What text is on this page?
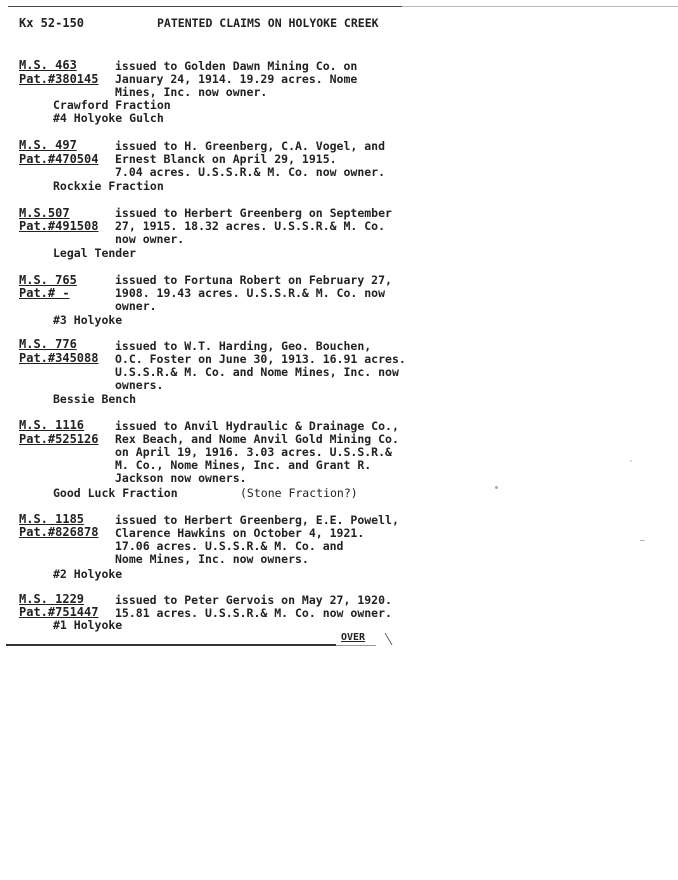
Kx 52-150	PATENTED CLAIMS ON HOLYOKE CREEK
M.S. 463
Pat.#380145
issued to Golden Dawn Mining Co. on
January 24, 1914. 19.29 acres. Nome
Mines, Inc. now owner.
Crawford Fraction
#4 Holyoke Gulch
M.S. 497
Pat.#470504
issued to H. Greenberg, C.A. Vogel, and
Ernest Blanck on April 29, 1915.
7.04 acres. U.S.S.R.& M. Co. now owner.
Rockxie Fraction
M.S.507
Pat.#491508
issued to Herbert Greenberg on September
27, 1915. 18.32 acres. U.S.S.R.& M. Co.
now owner.
Legal Tender
M.S. 765
Pat.# -
issued to Fortuna Robert on February 27,
1908. 19.43 acres. U.S.S.R.& M. Co. now
owner.
#3 Holyoke
M.S. 776
Pat.#345088
issued to W.T. Harding, Geo. Bouchen,
O.C. Foster on June 30, 1913. 16.91 acres.
U.S.S.R.& M. Co. and Nome Mines, Inc. now
owners.
Bessie Bench
M.S. 1116
Pat.#525126
issued to Anvil Hydraulic & Drainage Co.,
Rex Beach, and Nome Anvil Gold Mining Co.
on April 19, 1916. 3.03 acres. U.S.S.R.&
M. Co., Nome Mines, Inc. and Grant R.
Jackson now owners.
Good Luck Fraction	(Stone Fraction?)
M.S. 1185
Pat.#826878
issued to Herbert Greenberg, E.E. Powell,
Clarence Hawkins on October 4, 1921.
17.06 acres. U.S.S.R.& M. Co. and
Nome Mines, Inc. now owners.
#2 Holyoke
M.S. 1229
Pat.#751447
issued to Peter Gervois on May 27, 1920.
15.81 acres. U.S.S.R.& M. Co. now owner.
#1 Holyoke
OVER
